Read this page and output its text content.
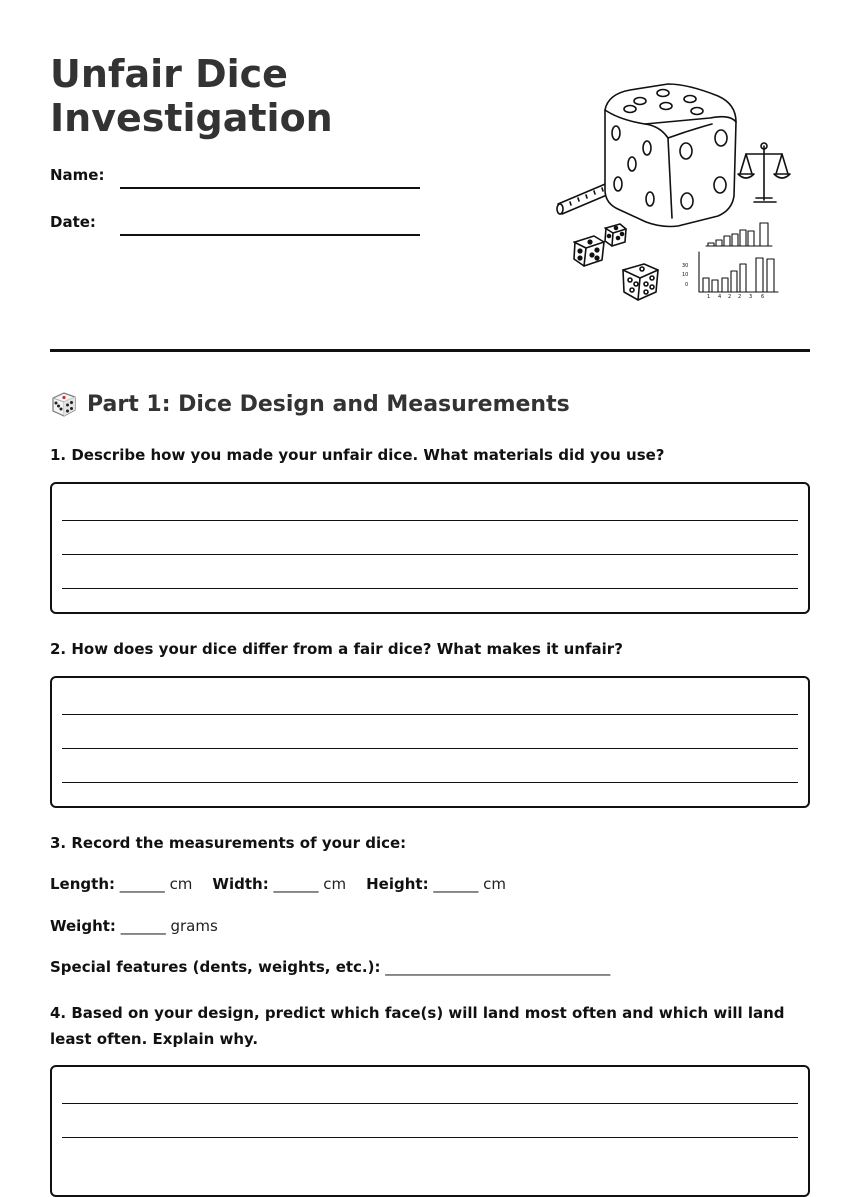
Unfair Dice
Investigation
Name:
Date:
30
10
0
1 4 2 2 3 6
Part 1: Dice Design and Measurements

1. Describe how you made your unfair dice. What materials did you use?

2. How does your dice differ from a fair dice? What makes it unfair?

3. Record the measurements of your dice:

Length: ______ cm Width: ______ cm Height: ______ cm
Weight: ______ grams
Special features (dents, weights, etc.): ______________________________

4. Based on your design, predict which face(s) will land most often and which will land least often. Explain why.
